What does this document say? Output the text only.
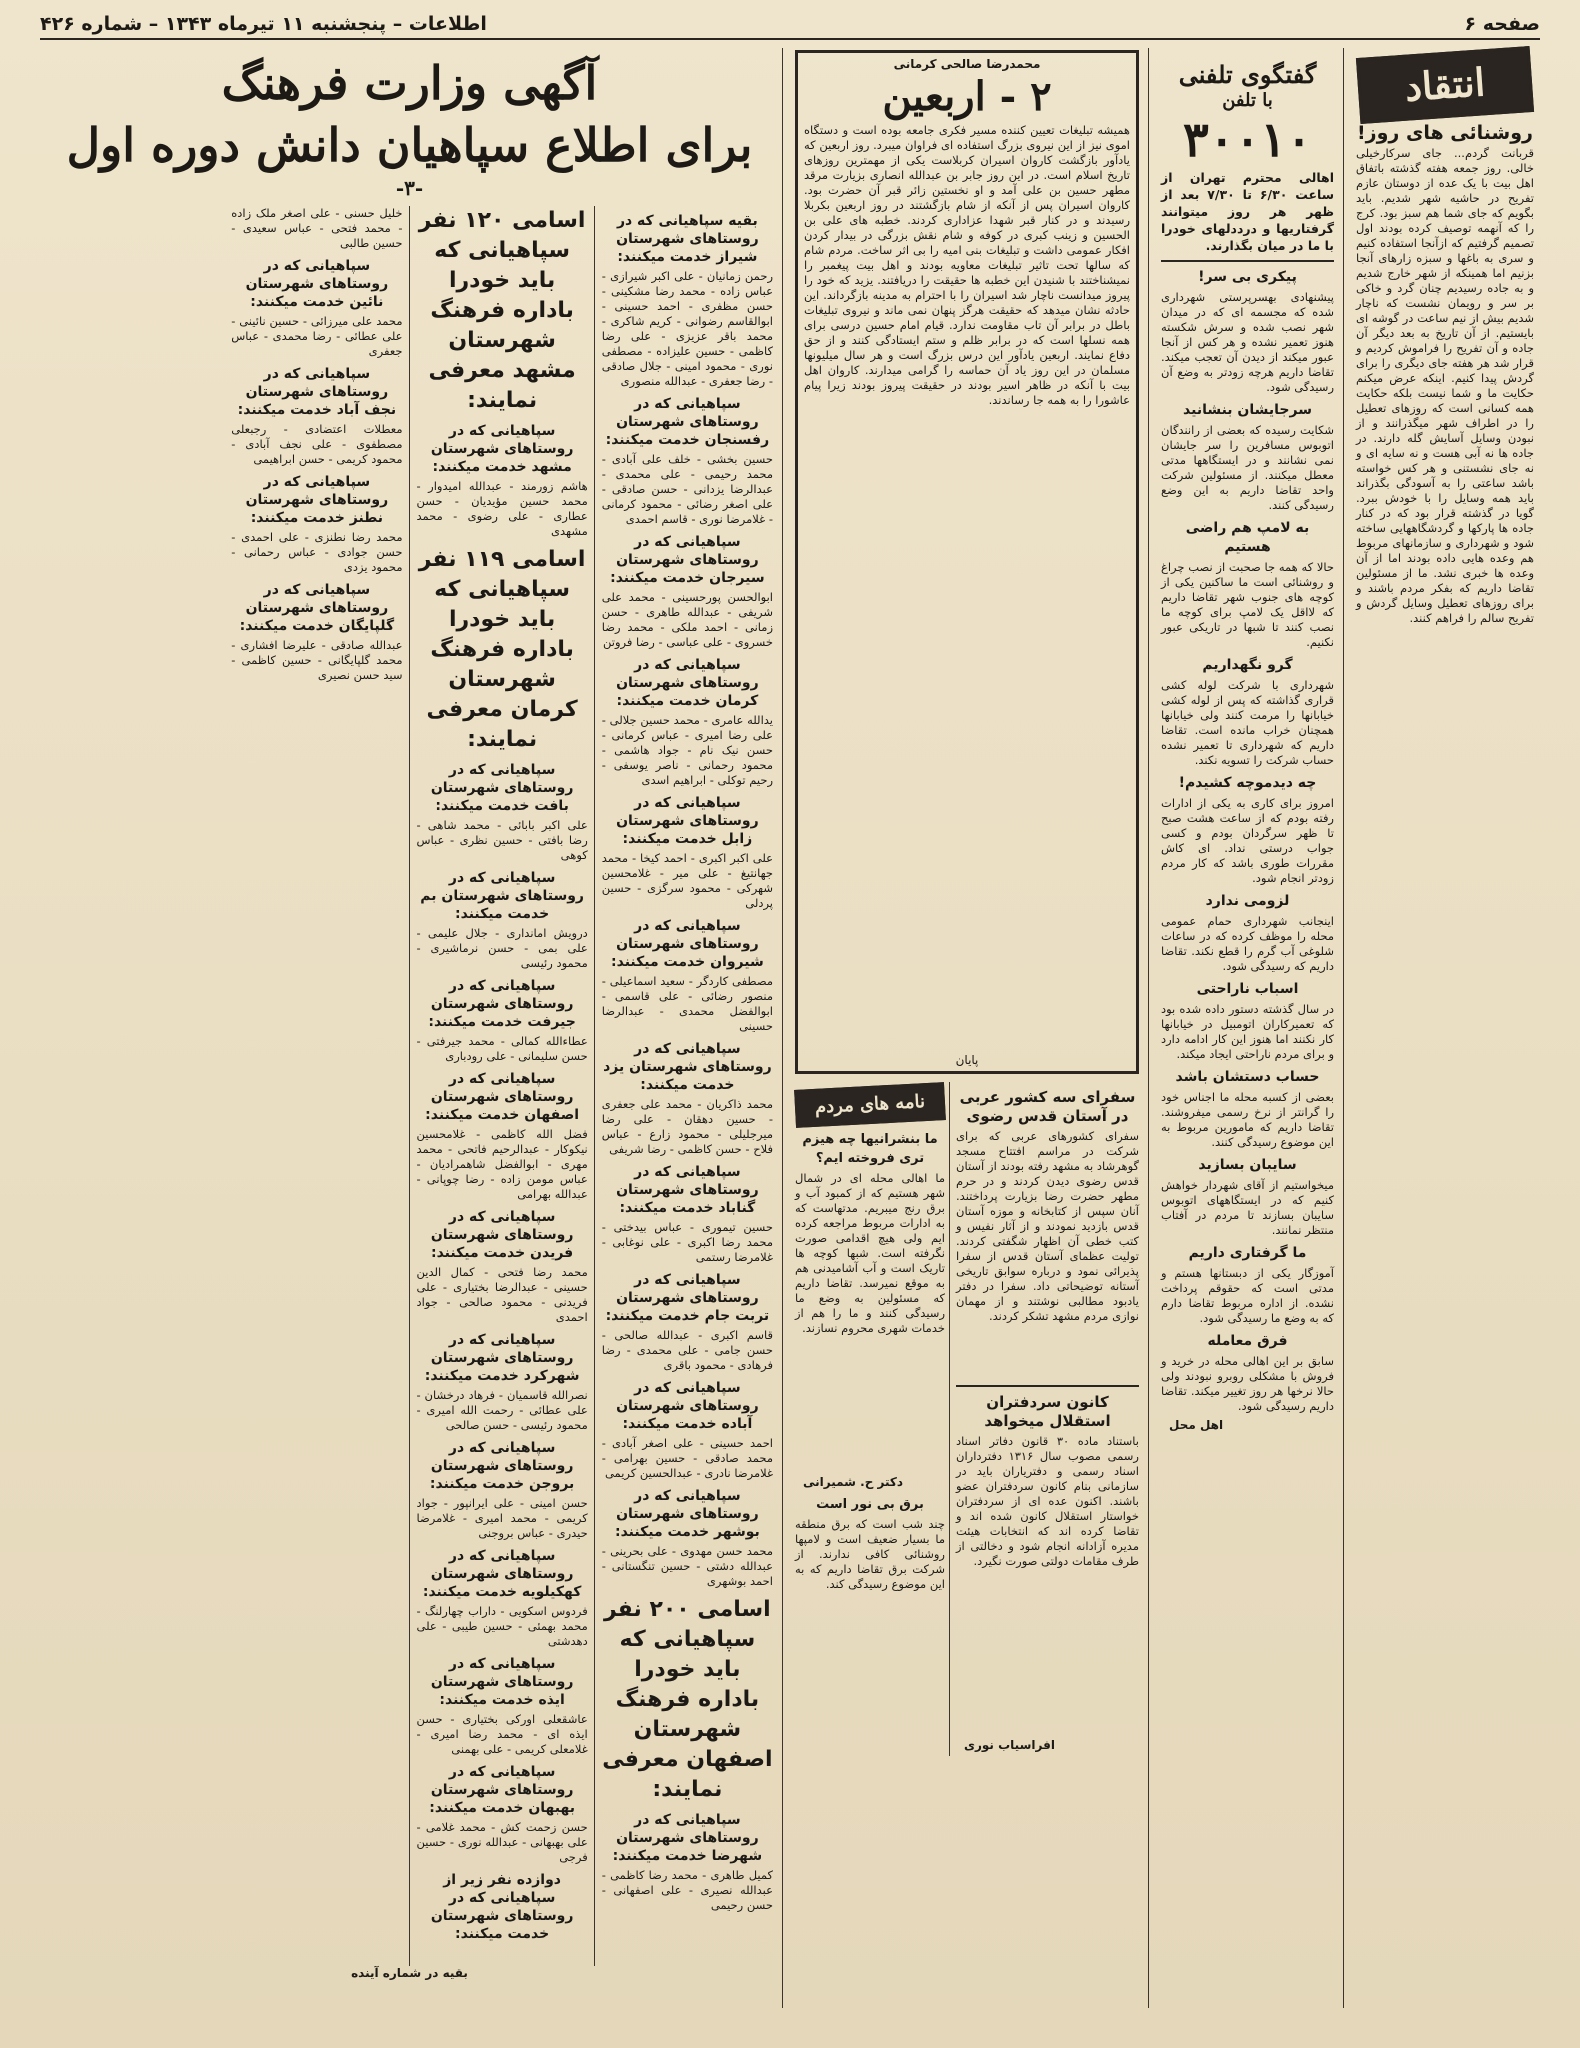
صفحه ۶
اطلاعات – پنجشنبه ۱۱ تیرماه ۱۳۴۳ – شماره ۴۲۶
انتقاد
روشنائی های روز!
قربانت گردم... جای سرکارخیلی خالی. روز جمعه هفته گذشته باتفاق اهل بیت با یک عده از دوستان عازم تفریح در حاشیه شهر شدیم. باید بگویم که جای شما هم سبز بود. کرج را که آنهمه توصیف کرده بودند اول تصمیم گرفتیم که ازآنجا استفاده کنیم و سری به باغها و سبزه زارهای آنجا بزنیم اما همینکه از شهر خارج شدیم و به جاده رسیدیم چنان گرد و خاکی بر سر و رویمان نشست که ناچار شدیم بیش از نیم ساعت در گوشه ای بایستیم. از آن تاریخ به بعد دیگر آن جاده و آن تفریح را فراموش کردیم و قرار شد هر هفته جای دیگری را برای گردش پیدا کنیم. اینکه عرض میکنم حکایت ما و شما نیست بلکه حکایت همه کسانی است که روزهای تعطیل را در اطراف شهر میگذرانند و از نبودن وسایل آسایش گله دارند. در جاده ها نه آبی هست و نه سایه ای و نه جای نشستنی و هر کس خواسته باشد ساعتی را به آسودگی بگذراند باید همه وسایل را با خودش ببرد. گویا در گذشته قرار بود که در کنار جاده ها پارکها و گردشگاههایی ساخته شود و شهرداری و سازمانهای مربوط هم وعده هایی داده بودند اما از آن وعده ها خبری نشد. ما از مسئولین تقاضا داریم که بفکر مردم باشند و برای روزهای تعطیل وسایل گردش و تفریح سالم را فراهم کنند.
گفتگوی تلفنی
با تلفن
۳۰۰۱۰
اهالی محترم تهران از ساعت ۶/۳۰ تا ۷/۳۰ بعد از ظهر هر روز میتوانند گرفتاریها و درددلهای خودرا با ما در میان بگذارند.
پیکری بی سر!
پیشنهادی بهسرپرستی شهرداری شده که مجسمه ای که در میدان شهر نصب شده و سرش شکسته هنوز تعمیر نشده و هر کس از آنجا عبور میکند از دیدن آن تعجب میکند. تقاضا داریم هرچه زودتر به وضع آن رسیدگی شود.
سرجایشان بنشانید
شکایت رسیده که بعضی از رانندگان اتوبوس مسافرین را سر جایشان نمی نشانند و در ایستگاهها مدتی معطل میکنند. از مسئولین شرکت واحد تقاضا داریم به این وضع رسیدگی کنند.
به لامپ هم راضی هستیم
حالا که همه جا صحبت از نصب چراغ و روشنائی است ما ساکنین یکی از کوچه های جنوب شهر تقاضا داریم که لااقل یک لامپ برای کوچه ما نصب کنند تا شبها در تاریکی عبور نکنیم.
گرو نگهداریم
شهرداری با شرکت لوله کشی قراری گذاشته که پس از لوله کشی خیابانها را مرمت کنند ولی خیابانها همچنان خراب مانده است. تقاضا داریم که شهرداری تا تعمیر نشده حساب شرکت را تسویه نکند.
چه دیدموچه کشیدم!
امروز برای کاری به یکی از ادارات رفته بودم که از ساعت هشت صبح تا ظهر سرگردان بودم و کسی جواب درستی نداد. ای کاش مقررات طوری باشد که کار مردم زودتر انجام شود.
لزومی ندارد
اینجانب شهرداری حمام عمومی محله را موظف کرده که در ساعات شلوغی آب گرم را قطع نکند. تقاضا داریم که رسیدگی شود.
اسباب ناراحتی
در سال گذشته دستور داده شده بود که تعمیرکاران اتومبیل در خیابانها کار نکنند اما هنوز این کار ادامه دارد و برای مردم ناراحتی ایجاد میکند.
حساب دستشان باشد
بعضی از کسبه محله ما اجناس خود را گرانتر از نرخ رسمی میفروشند. تقاضا داریم که مامورین مربوط به این موضوع رسیدگی کنند.
سایبان بسازید
میخواستیم از آقای شهردار خواهش کنیم که در ایستگاههای اتوبوس سایبان بسازند تا مردم در آفتاب منتظر نمانند.
ما گرفتاری داریم
آموزگار یکی از دبستانها هستم و مدتی است که حقوقم پرداخت نشده. از اداره مربوط تقاضا دارم که به وضع ما رسیدگی شود.
فرق معامله
سابق بر این اهالی محله در خرید و فروش با مشکلی روبرو نبودند ولی حالا نرخها هر روز تغییر میکند. تقاضا داریم رسیدگی شود.
اهل محل
محمدرضا صالحی کرمانی
۲ - اربعین
همیشه تبلیغات تعیین کننده مسیر فکری جامعه بوده است و دستگاه اموی نیز از این نیروی بزرگ استفاده ای فراوان میبرد. روز اربعین که یادآور بازگشت کاروان اسیران کربلاست یکی از مهمترین روزهای تاریخ اسلام است. در این روز جابر بن عبدالله انصاری بزیارت مرقد مطهر حسین بن علی آمد و او نخستین زائر قبر آن حضرت بود. کاروان اسیران پس از آنکه از شام بازگشتند در روز اربعین بکربلا رسیدند و در کنار قبر شهدا عزاداری کردند. خطبه های علی بن الحسین و زینب کبری در کوفه و شام نقش بزرگی در بیدار کردن افکار عمومی داشت و تبلیغات بنی امیه را بی اثر ساخت. مردم شام که سالها تحت تاثیر تبلیغات معاویه بودند و اهل بیت پیغمبر را نمیشناختند با شنیدن این خطبه ها حقیقت را دریافتند. یزید که خود را پیروز میدانست ناچار شد اسیران را با احترام به مدینه بازگرداند. این حادثه نشان میدهد که حقیقت هرگز پنهان نمی ماند و نیروی تبلیغات باطل در برابر آن تاب مقاومت ندارد. قیام امام حسین درسی برای همه نسلها است که در برابر ظلم و ستم ایستادگی کنند و از حق دفاع نمایند. اربعین یادآور این درس بزرگ است و هر سال میلیونها مسلمان در این روز یاد آن حماسه را گرامی میدارند. کاروان اهل بیت با آنکه در ظاهر اسیر بودند در حقیقت پیروز بودند زیرا پیام عاشورا را به همه جا رساندند.
پایان
سفرای سه کشور عربی در آستان قدس رضوی
سفرای کشورهای عربی که برای شرکت در مراسم افتتاح مسجد گوهرشاد به مشهد رفته بودند از آستان قدس رضوی دیدن کردند و در حرم مطهر حضرت رضا بزیارت پرداختند. آنان سپس از کتابخانه و موزه آستان قدس بازدید نمودند و از آثار نفیس و کتب خطی آن اظهار شگفتی کردند. تولیت عظمای آستان قدس از سفرا پذیرائی نمود و درباره سوابق تاریخی آستانه توضیحاتی داد. سفرا در دفتر یادبود مطالبی نوشتند و از مهمان نوازی مردم مشهد تشکر کردند.
کانون سردفتران استقلال میخواهد
باستناد ماده ۳۰ قانون دفاتر اسناد رسمی مصوب سال ۱۳۱۶ دفترداران اسناد رسمی و دفتریاران باید در سازمانی بنام کانون سردفتران عضو باشند. اکنون عده ای از سردفتران خواستار استقلال کانون شده اند و تقاضا کرده اند که انتخابات هیئت مدیره آزادانه انجام شود و دخالتی از طرف مقامات دولتی صورت نگیرد.
افراسیاب نوری
نامه های مردم
ما بنشرانیها چه هیزم تری فروخته ایم؟
ما اهالی محله ای در شمال شهر هستیم که از کمبود آب و برق رنج میبریم. مدتهاست که به ادارات مربوط مراجعه کرده ایم ولی هیچ اقدامی صورت نگرفته است. شبها کوچه ها تاریک است و آب آشامیدنی هم به موقع نمیرسد. تقاضا داریم که مسئولین به وضع ما رسیدگی کنند و ما را هم از خدمات شهری محروم نسازند.
دکتر ح. شمیرانی
برق بی نور است
چند شب است که برق منطقه ما بسیار ضعیف است و لامپها روشنائی کافی ندارند. از شرکت برق تقاضا داریم که به این موضوع رسیدگی کند.
آگهی وزارت فرهنگ
برای اطلاع سپاهیان دانش دوره اول
-۳-
بقیه سپاهیانی که در روستاهای شهرستان شیراز خدمت میکنند:
رحمن زمانیان - علی اکبر شیرازی - عباس زاده - محمد رضا مشکینی - حسن مظفری - احمد حسینی - ابوالقاسم رضوانی - کریم شاکری - محمد باقر عزیزی - علی رضا کاظمی - حسین علیزاده - مصطفی نوری - محمود امینی - جلال صادقی - رضا جعفری - عبدالله منصوری
سپاهیانی که در روستاهای شهرستان رفسنجان خدمت میکنند:
حسین بخشی - خلف علی آبادی - محمد رحیمی - علی محمدی - عبدالرضا یزدانی - حسن صادقی - علی اصغر رضائی - محمود کرمانی - غلامرضا نوری - قاسم احمدی
سپاهیانی که در روستاهای شهرستان سیرجان خدمت میکنند:
ابوالحسن پورحسینی - محمد علی شریفی - عبدالله طاهری - حسن زمانی - احمد ملکی - محمد رضا خسروی - علی عباسی - رضا فروتن
سپاهیانی که در روستاهای شهرستان کرمان خدمت میکنند:
یدالله عامری - محمد حسین جلالی - علی رضا امیری - عباس کرمانی - حسن نیک نام - جواد هاشمی - محمود رحمانی - ناصر یوسفی - رحیم توکلی - ابراهیم اسدی
سپاهیانی که در روستاهای شهرستان زابل خدمت میکنند:
علی اکبر اکبری - احمد کیخا - محمد جهانتیغ - علی میر - غلامحسین شهرکی - محمود سرگزی - حسین پردلی
سپاهیانی که در روستاهای شهرستان شیروان خدمت میکنند:
مصطفی کاردگر - سعید اسماعیلی - منصور رضائی - علی قاسمی - ابوالفضل محمدی - عبدالرضا حسینی
سپاهیانی که در روستاهای شهرستان یزد خدمت میکنند:
محمد ذاکریان - محمد علی جعفری - حسین دهقان - علی رضا میرجلیلی - محمود زارع - عباس فلاح - حسن کاظمی - رضا شریفی
سپاهیانی که در روستاهای شهرستان گناباد خدمت میکنند:
حسین تیموری - عباس بیدختی - محمد رضا اکبری - علی نوغابی - غلامرضا رستمی
سپاهیانی که در روستاهای شهرستان تربت جام خدمت میکنند:
قاسم اکبری - عبدالله صالحی - حسن جامی - علی محمدی - رضا فرهادی - محمود باقری
سپاهیانی که در روستاهای شهرستان آباده خدمت میکنند:
احمد حسینی - علی اصغر آبادی - محمد صادقی - حسین بهرامی - غلامرضا نادری - عبدالحسین کریمی
سپاهیانی که در روستاهای شهرستان بوشهر خدمت میکنند:
محمد حسن مهدوی - علی بحرینی - عبدالله دشتی - حسین تنگستانی - احمد بوشهری
اسامی ۲۰۰ نفر سپاهیانی که باید خودرا باداره فرهنگ شهرستان اصفهان معرفی نمایند:
سپاهیانی که در روستاهای شهرستان شهرضا خدمت میکنند:
کمیل طاهری - محمد رضا کاظمی - عبدالله نصیری - علی اصفهانی - حسن رحیمی
اسامی ۱۲۰ نفر سپاهیانی که باید خودرا باداره فرهنگ شهرستان مشهد معرفی نمایند:
سپاهیانی که در روستاهای شهرستان مشهد خدمت میکنند:
هاشم زورمند - عبدالله امیدوار - محمد حسین مؤیدیان - حسن عطاری - علی رضوی - محمد مشهدی
اسامی ۱۱۹ نفر سپاهیانی که باید خودرا باداره فرهنگ شهرستان کرمان معرفی نمایند:
سپاهیانی که در روستاهای شهرستان بافت خدمت میکنند:
علی اکبر بابائی - محمد شاهی - رضا بافتی - حسین نظری - عباس کوهی
سپاهیانی که در روستاهای شهرستان بم خدمت میکنند:
درویش امانداری - جلال علیمی - علی بمی - حسن نرماشیری - محمود رئیسی
سپاهیانی که در روستاهای شهرستان جیرفت خدمت میکنند:
عطاءالله کمالی - محمد جیرفتی - حسن سلیمانی - علی رودباری
سپاهیانی که در روستاهای شهرستان اصفهان خدمت میکنند:
فضل الله کاظمی - غلامحسین نیکوکار - عبدالرحیم فاتحی - محمد مهری - ابوالفضل شاهمرادیان - عباس مومن زاده - رضا چوپانی - عبدالله بهرامی
سپاهیانی که در روستاهای شهرستان فریدن خدمت میکنند:
محمد رضا فتحی - کمال الدین حسینی - عبدالرضا بختیاری - علی فریدنی - محمود صالحی - جواد احمدی
سپاهیانی که در روستاهای شهرستان شهرکرد خدمت میکنند:
نصرالله قاسمیان - فرهاد درخشان - علی عطائی - رحمت الله امیری - محمود رئیسی - حسن صالحی
سپاهیانی که در روستاهای شهرستان بروجن خدمت میکنند:
حسن امینی - علی ایرانپور - جواد کریمی - محمد امیری - غلامرضا حیدری - عباس بروجنی
سپاهیانی که در روستاهای شهرستان کهکیلویه خدمت میکنند:
فردوس اسکویی - داراب چهارلنگ - محمد بهمئی - حسین طیبی - علی دهدشتی
سپاهیانی که در روستاهای شهرستان ایذه خدمت میکنند:
عاشقعلی اورکی بختیاری - حسن ایذه ای - محمد رضا امیری - غلامعلی کریمی - علی بهمنی
سپاهیانی که در روستاهای شهرستان بهبهان خدمت میکنند:
حسن زحمت کش - محمد غلامی - علی بهبهانی - عبدالله نوری - حسین فرجی
دوازده نفر زیر از سپاهیانی که در روستاهای شهرستان خدمت میکنند:
خلیل حسنی - علی اصغر ملک زاده - محمد فتحی - عباس سعیدی - حسین طالبی
سپاهیانی که در روستاهای شهرستان نائین خدمت میکنند:
محمد علی میرزائی - حسین نائینی - علی عطائی - رضا محمدی - عباس جعفری
سپاهیانی که در روستاهای شهرستان نجف آباد خدمت میکنند:
معطلات اعتضادی - رجبعلی مصطفوی - علی نجف آبادی - محمود کریمی - حسن ابراهیمی
سپاهیانی که در روستاهای شهرستان نطنز خدمت میکنند:
محمد رضا نطنزی - علی احمدی - حسن جوادی - عباس رحمانی - محمود یزدی
سپاهیانی که در روستاهای شهرستان گلپایگان خدمت میکنند:
عبدالله صادقی - علیرضا افشاری - محمد گلپایگانی - حسین کاظمی - سید حسن نصیری
بقیه در شماره آینده
